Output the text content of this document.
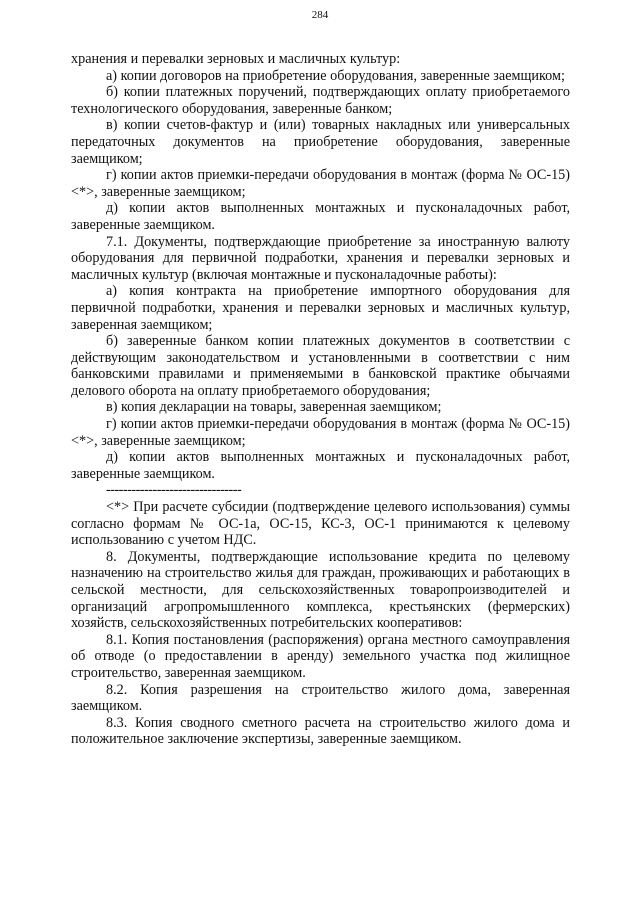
284

хранения и перевалки зерновых и масличных культур:

а) копии договоров на приобретение оборудования, заверенные заемщиком;

б) копии платежных поручений, подтверждающих оплату приобретаемого технологического оборудования, заверенные банком;

в) копии счетов-фактур и (или) товарных накладных или универсальных передаточных документов на приобретение оборудования, заверенные заемщиком;

г) копии актов приемки-передачи оборудования в монтаж (форма № ОС-15) <*>, заверенные заемщиком;

д) копии актов выполненных монтажных и пусконаладочных работ, заверенные заемщиком.

7.1. Документы, подтверждающие приобретение за иностранную валюту оборудования для первичной подработки, хранения и перевалки зерновых и масличных культур (включая монтажные и пусконаладочные работы):

а) копия контракта на приобретение импортного оборудования для первичной подработки, хранения и перевалки зерновых и масличных культур, заверенная заемщиком;

б) заверенные банком копии платежных документов в соответствии с действующим законодательством и установленными в соответствии с ним банковскими правилами и применяемыми в банковской практике обычаями делового оборота на оплату приобретаемого оборудования;

в) копия декларации на товары, заверенная заемщиком;

г) копии актов приемки-передачи оборудования в монтаж (форма № ОС-15) <*>, заверенные заемщиком;

д) копии актов выполненных монтажных и пусконаладочных работ, заверенные заемщиком.

--------------------------------

<*> При расчете субсидии (подтверждение целевого использования) суммы согласно формам № ОС-1а, ОС-15, КС-3, ОС-1 принимаются к целевому использованию с учетом НДС.

8. Документы, подтверждающие использование кредита по целевому назначению на строительство жилья для граждан, проживающих и работающих в сельской местности, для сельскохозяйственных товаропроизводителей и организаций агропромышленного комплекса, крестьянских (фермерских) хозяйств, сельскохозяйственных потребительских кооперативов:

8.1. Копия постановления (распоряжения) органа местного самоуправления об отводе (о предоставлении в аренду) земельного участка под жилищное строительство, заверенная заемщиком.

8.2. Копия разрешения на строительство жилого дома, заверенная заемщиком.

8.3. Копия сводного сметного расчета на строительство жилого дома и положительное заключение экспертизы, заверенные заемщиком.
